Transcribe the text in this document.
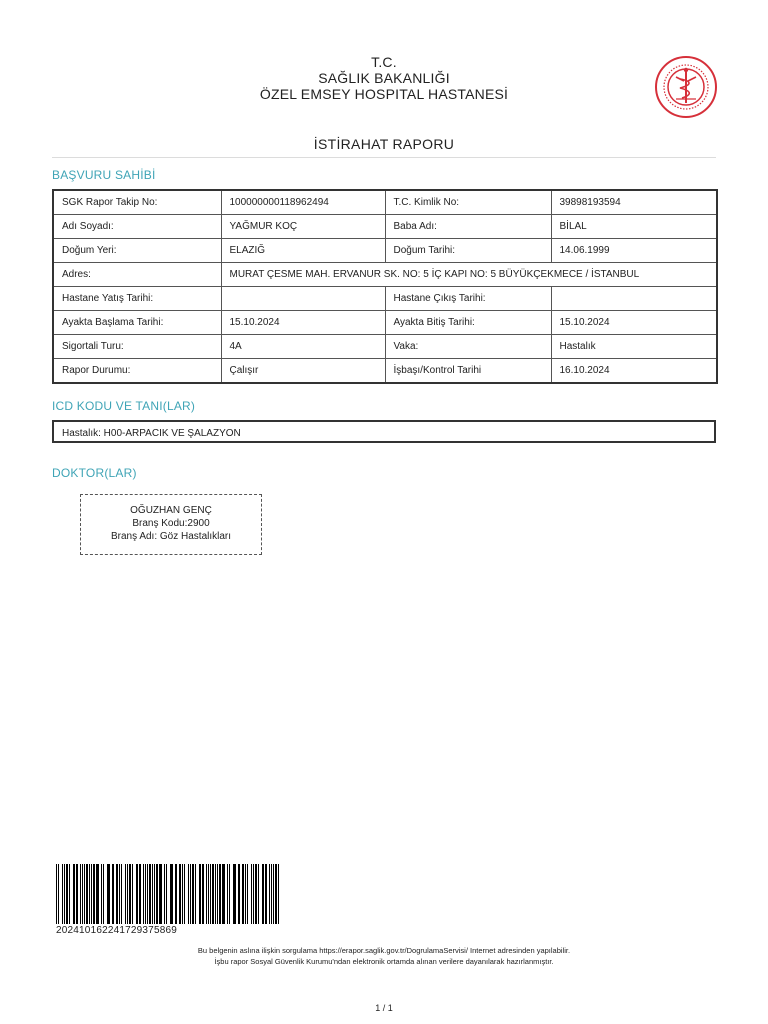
T.C.
SAĞLIK BAKANLIĞI
ÖZEL EMSEY HOSPITAL HASTANESİ
İSTİRAHAT RAPORU
BAŞVURU SAHİBİ
SGK Rapor Takip No:	100000000118962494	T.C. Kimlik No:	39898193594
Adı Soyadı:	YAĞMUR KOÇ	Baba Adı:	BİLAL
Doğum Yeri:	ELAZIĞ	Doğum Tarihi:	14.06.1999
Adres:	MURAT ÇESME MAH. ERVANUR SK. NO: 5 İÇ KAPI NO: 5 BÜYÜKÇEKMECE / İSTANBUL		
Hastane Yatış Tarihi:		Hastane Çıkış Tarihi:	
Ayakta Başlama Tarihi:	15.10.2024	Ayakta Bitiş Tarihi:	15.10.2024
Sigortali Turu:	4A	Vaka:	Hastalık
Rapor Durumu:	Çalışır	İşbaşı/Kontrol Tarihi	16.10.2024
ICD KODU VE TANI(LAR)
Hastalık: H00-ARPACIK VE ŞALAZYON
DOKTOR(LAR)
OĞUZHAN GENÇ
Branş Kodu:2900
Branş Adı: Göz Hastalıkları
20241016224172937586​9
Bu belgenin aslına ilişkin sorgulama https://erapor.saglik.gov.tr/DogrulamaServisi/ Internet adresinden yapılabilir.
İşbu rapor Sosyal Güvenlik Kurumu'ndan elektronik ortamda alınan verilere dayanılarak hazırlanmıştır.
1 / 1
